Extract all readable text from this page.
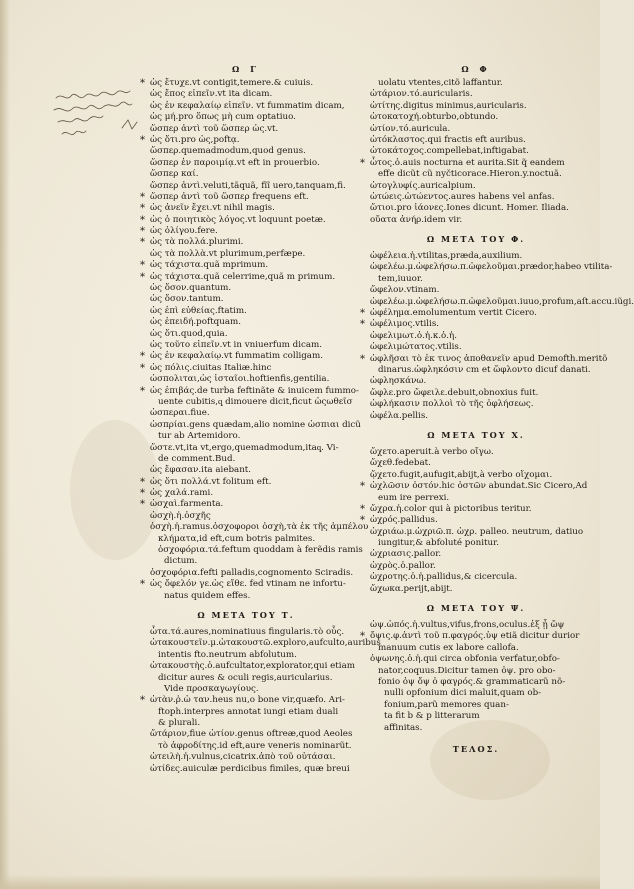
Ω Γ
* ὡς ἔτυχε.vt contigit,temere.& cuiuis.
ὡς ἔπος εἰπεῖν.vt ita dicam.
ὡς ἐν κεφαλαίῳ εἰπεῖν. vt fummatim dicam,
ὡς μή.pro ὅπως μὴ cum optatiuo.
ὥσπερ ἀντὶ τοῦ ὥσπερ ὡς.vt.
* ὡς ὅτι.pro ὡς,poftᾳ.
ὥσπερ.quemadmodum,quod genus.
ὥσπερ ἐν παροιμίᾳ.vt eft in prouerbio.
ὥσπερ καί.
ὥσπερ ἀντὶ.veluti,tãquã, fĩĩ uero,tanquam,fi.
* ὥσπερ ἀντὶ τοῦ ὥσπερ frequens eft.
* ὡς ἀνεῖν ἔχει.vt nihil magis.
* ὡς ὁ ποιητικὸς λόγος.vt loquunt poetæ.
* ὡς ὀλίγου.fere.
* ὡς τὰ πολλά.plurimi.
ὡς τὰ πολλὰ.vt plurimum,perfæpe.
* ὡς τάχιστα.quã mprimum.
* ὡς τάχιστα.quã celerrime,quã m primum.
ὡς ὅσον.quantum.
ὡς ὅσον.tantum.
ὡς ἐπὶ εὐθείας.ftatim.
ὡς ἐπειδή.poftquam.
ὡς ὅτι.quod,quia.
ὡς τοῦτο εἰπεῖν.vt in vniuerfum dicam.
* ὡς ἐν κεφαλαίῳ.vt fummatim colligam.
* ὡς πόλις.ciuitas Italiæ.hinc
ὡσπολιται,ὡς ἰσταῖοι.hoftienfis,gentilia.
* ὡς ἐπιβάς.de turba feftinãte & inuicem fummo-
uente cubitis,qͅ dimouere dicit,ficut ὡςωθεῖσ
ὡσπεραι.fiue.
ὡσπρίαι.gens quædam,alio nomine ὡσπιαι dicũ
tur ab Artemidoro.
ὥστε.vt,ita vt,ergo,quemadmodum,itaqͅ. Vi-
de comment.Bud.
ὡς ἔφασαν.ita aiebant.
* ὡς ὅτι πολλά.vt folitum eft.
* ὡς χαλά.rami.
* ὡσχαὶ.farmenta.
ὠσχὴ.ἡ.ὀσχῆς
ὀσχὴ.ἡ.ramus.ὀσχοφοροι ὀσχὴ,τὰ ἐκ τῆς ἀμπέλου
κλήματα,id eft,cum botris palmites.
ὀσχοφόρια.τά.feftum quoddam à ferẽdis ramis
dictum.
ὀσχοφόρια.fefti palladis,cognomento Sciradis.
* ὡς ὄφελόν γε.ὡς εἴθε. fed vtinam ne infortu-
natus quidem effes.
Ω META TOY Τ.
ὦτα.τά.aures,nominatiuus fingularis.τὸ οὖς.
ὠτακουστεῖν.μ.ὠτακουστῶ.exploro,aufculto,auribus
intentis fto.neutrum abfolutum.
ὠτακουστὴς.ὁ.aufcultator,explorator,qui etiam
dicitur aures & oculi regis,auricularius.
Vide προσκαγωγίους.
* ὠτὰν.ῥ.ὠ ταν.heus nu,o bone vir,quæfo. Ari-
ftoph.interpres annotat iungi etiam duali
& plurali.
ὤτάριον,fiue ὠτίον.genus oftreæ,quod Aeoles
τὸ ἀφροδίτης.id eft,aure veneris nominarũt.
ὠτειλὴ.ἡ.vulnus,cicatrix.ἀπὸ τοῦ οὐτάσαι.
ὠτίδες.auiculæ perdicibus fimiles, quæ breui
Ω Φ
uolatu vtentes,citõ laffantur.
ὠτάριον.τό.auricularis.
ὠτίτης.digitus minimus,auricularis.
ὠτοκατοχή.obturbo,obtundo.
ὠτίον.τό.auricula.
ὠτόκλαστος.qui fractis eft auribus.
ὠτοκάτοχος.compellebat,inftigabat.
* ὦτος.ὁ.auis nocturna et aurita.Sit q̃ eandem
effe dicũt cũ nyčticorace.Hieron.y.noctuã.
ὠτογλυφίς.auricalpium.
ὠτώεις.ὠτώεντος.aures habens vel anfas.
ὤτιοι.pro ἰάονες.Iones dicunt. Homer. Iliada.
οὔατα ἀνήρ.idem vir.
Ω META TOY Φ.
ὠφέλεια.ἡ.vtilitas,præda,auxilium.
ὠφελέω.μ.ὠφελήσω.π.ὠφελοῦμαι.prædor,habeo vtilita-
tem,iuuor.
ὤφελον.vtinam.
ὠφελέω.μ.ὠφελήσω.π.ὠφελοῦμαι.iuuo,profum,aſt.accu.iũgi.
* ὠφέλημα.emolumentum vertit Cicero.
* ὠφέλιμος.vtilis.
ὠφελιμωτ.ὁ.ἡ.κ.ὁ.ἡ.
ὠφελιμώτατος.vtilis.
* ὠφλῆσαι τὸ ἐκ τινος ἀποθανεῖν apud Demofth.meritõ
dinarus.ὠφληκόσιν cm et ὤφλοντο dicuf danati.
ὠφλησκάνω.
ὤφλε.pro ὤφειλε.debuit,obnoxius fuit.
ὠφλήκασιν πολλοὶ τὸ τῆς ὀφλήσεως.
ὠφέλα.pellis.
Ω META TOY Χ.
ὤχετο.aperuit.à verbo οἴγω.
ὤχεθ.fedebat.
ᾤχετο.fugit,aufugit,abijt,à verbo οἴχομαι.
* ὠχλῶσιν ὀστόν.hic ὀστῶν abundat.Sic Cicero,Ad
eum ire perrexi.
* ὤχρα.ἡ.color qui à pictoribus teritur.
* ὠχρός.pallidus.
ὠχριάω.μ.ὠχριῶ.π. ὠχρ. palleo. neutrum, datiuo
iungitur,& abfoluté ponitur.
ὠχριασις.pallor.
ὠχρὸς.ὁ.pallor.
ὠχροτης.ὁ.ἡ.pallidus,& cicercula.
ὤχωκα.perijt,abijt.
Ω META TOY Ψ.
ὠψ.ὠπός.ἡ.vultus,vifus,frons,oculus.ἐξ ᾗ ὤψ
* ὄψις.φ.ἀντὶ τοῦ π.φαγρός.ὑψ etiã dicitur durior
manuum cutis ex labore callofa.
ὀψωνης.ὁ.ἡ.qui circa obfonia verfatur,obfo-
nator,coquus.Dicitur tamen ὀψ. pro obo-
fonio ὀψ ὄψ ὁ φαγρός.& grammaticarũ nõ-
nulli opfonium dici maluit,quam ob-
fonium,parũ memores quan-
ta fit b & p litterarum
affinitas.
ΤΕΛΟΣ.
